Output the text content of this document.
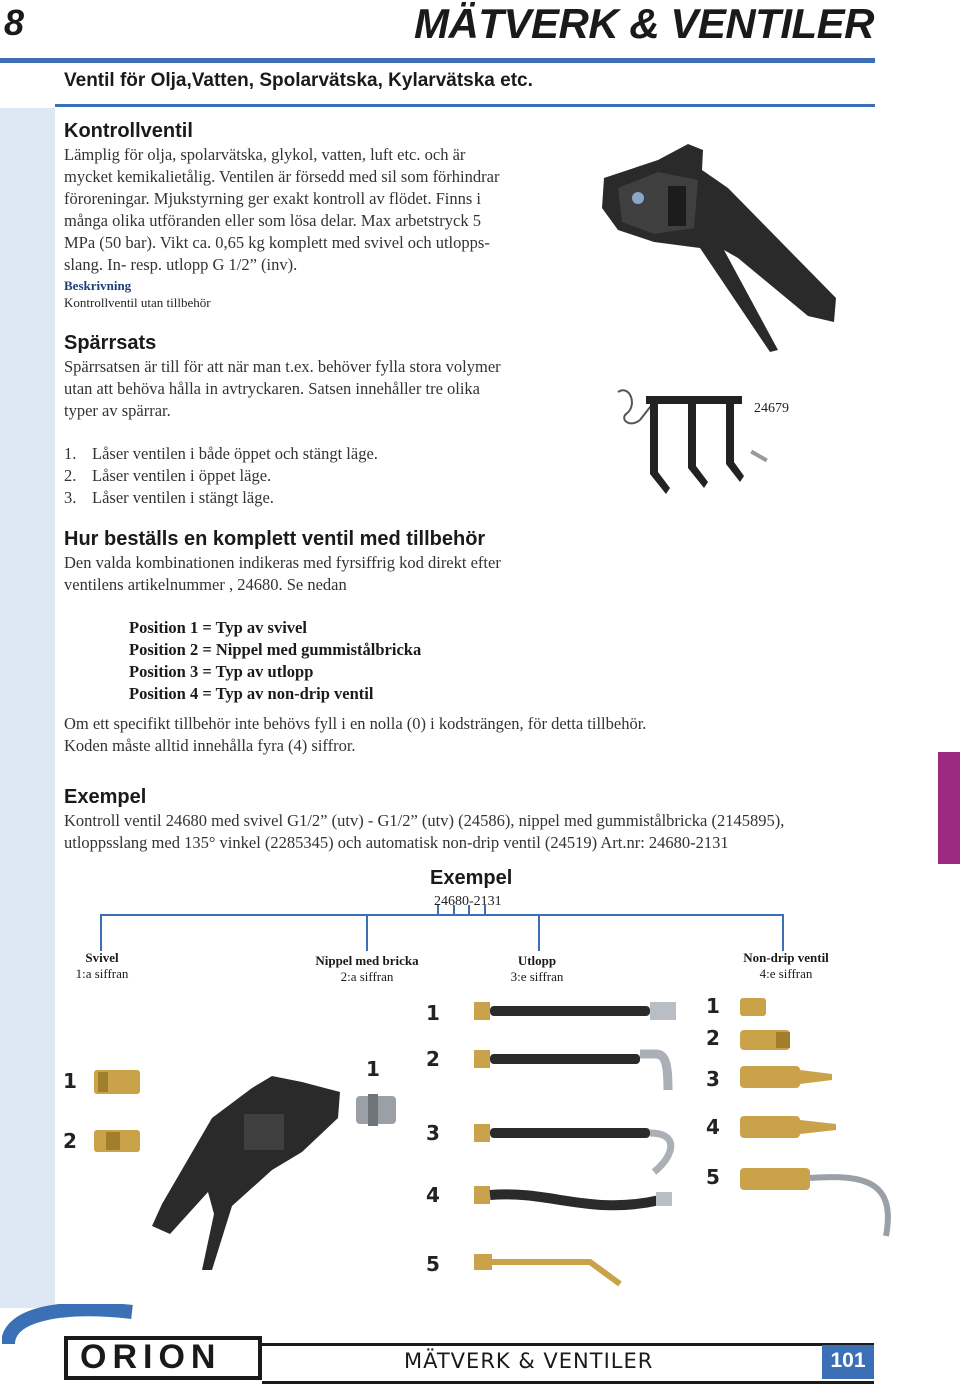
8	MÄTVERK & VENTILER
Ventil för Olja,Vatten, Spolarvätska, Kylarvätska etc.
Kontrollventil
Lämplig för olja, spolarvätska, glykol, vatten, luft etc. och är
mycket kemikalietålig. Ventilen är försedd med sil som förhindrar
föroreningar. Mjukstyrning ger exakt kontroll av flödet. Finns i
många olika utföranden eller som lösa delar. Max arbetstryck 5
MPa (50 bar). Vikt ca. 0,65 kg komplett med svivel och utlopps-
slang. In- resp. utlopp G 1/2” (inv).
Beskrivning
Kontrollventil utan tillbehör
Spärrsats
Spärrsatsen är till för att när man t.ex. behöver fylla stora volymer
utan att behöva hålla in avtryckaren. Satsen innehåller tre olika
typer av spärrar.	24679
1. Låser ventilen i både öppet och stängt läge.
2. Låser ventilen i öppet läge.
3. Låser ventilen i stängt läge.
Hur beställs en komplett ventil med tillbehör
Den valda kombinationen indikeras med fyrsiffrig kod direkt efter
ventilens artikelnummer , 24680. Se nedan
Position 1 = Typ av svivel
Position 2 = Nippel med gummistålbricka
Position 3 = Typ av utlopp
Position 4 = Typ av non-drip ventil
Om ett specifikt tillbehör inte behövs fyll i en nolla (0) i kodsträngen, för detta tillbehör.
Koden måste alltid innehålla fyra (4) siffror.
Exempel
Kontroll ventil 24680 med svivel G1/2” (utv) - G1/2” (utv) (24586), nippel med gummistålbricka (2145895),
utloppsslang med 135° vinkel (2285345) och automatisk non-drip ventil (24519) Art.nr: 24680-2131
Exempel
24680-2131
Svivel
1:a siffran
Nippel med bricka
2:a siffran
Utlopp
3:e siffran
Non-drip ventil
4:e siffran
1
2
1
1
2
3
4
5
1
2
3
4
5
ORION	MÄTVERK & VENTILER	101
